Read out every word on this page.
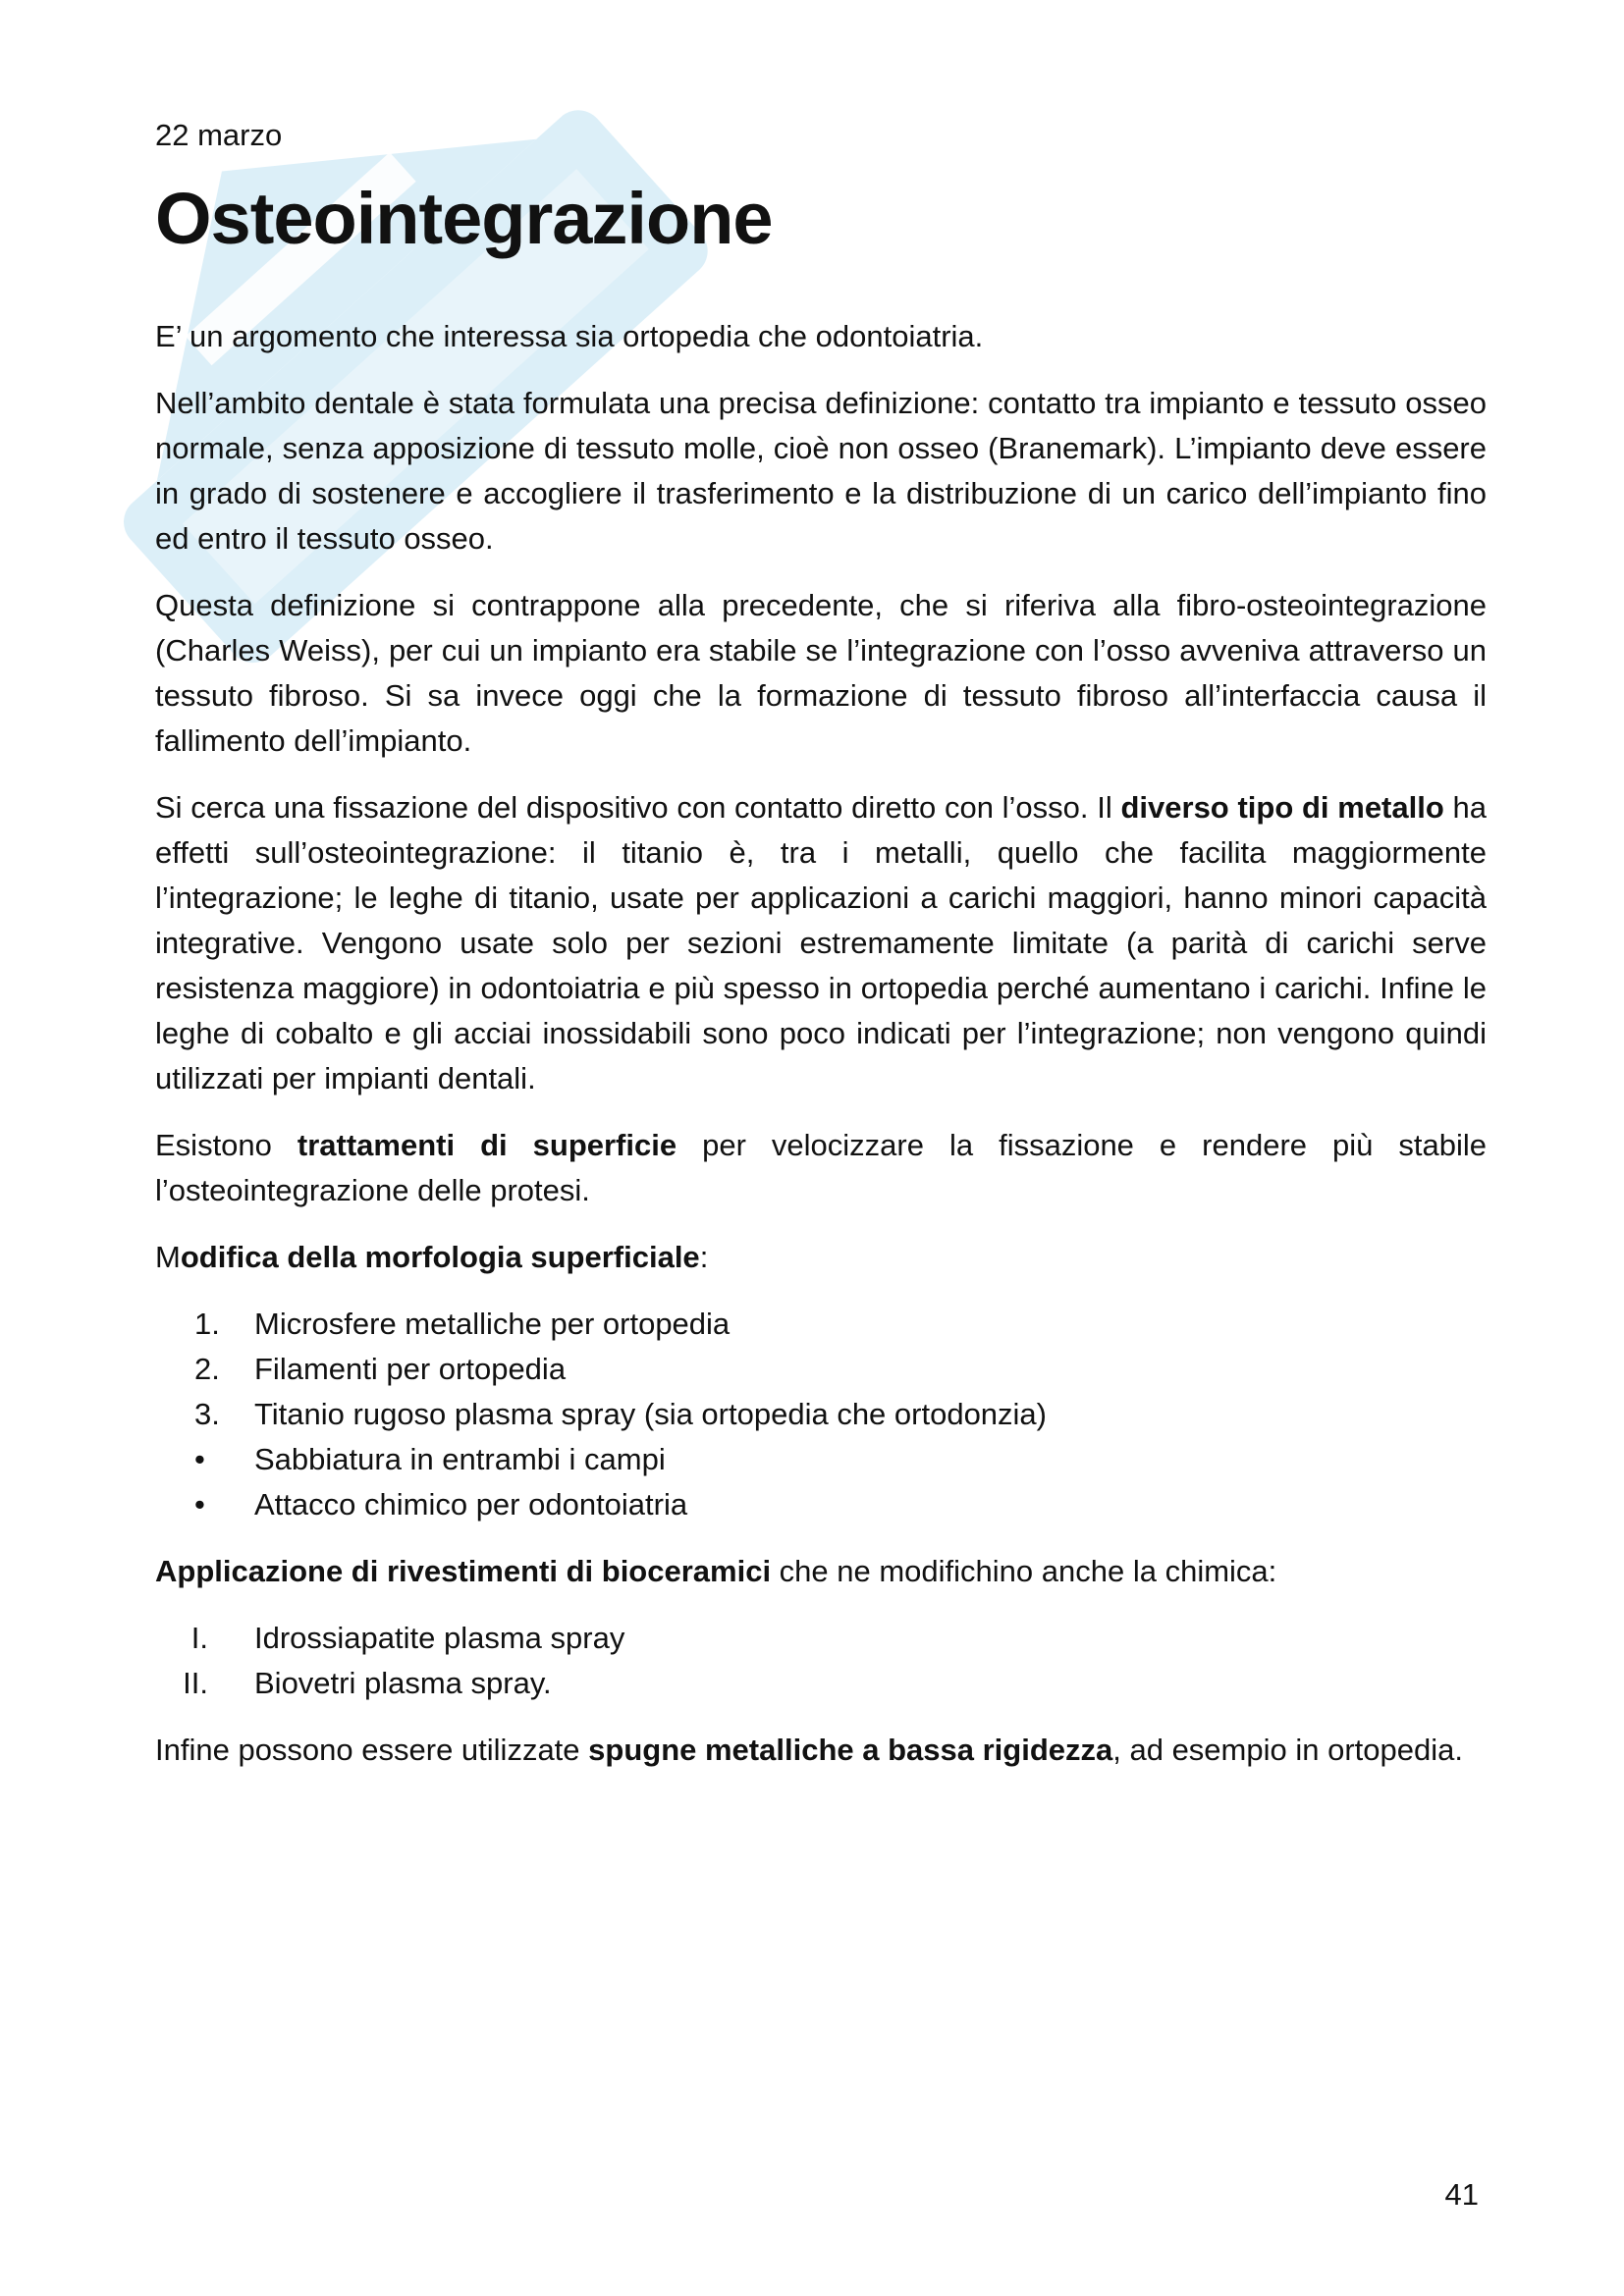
22 marzo
Osteointegrazione

E’ un argomento che interessa sia ortopedia che odontoiatria.

Nell’ambito dentale è stata formulata una precisa definizione: contatto tra impianto e tessuto osseo normale, senza apposizione di tessuto molle, cioè non osseo (Branemark). L’impianto deve essere in grado di sostenere e accogliere il trasferimento e la distribuzione di un carico dell’impianto fino ed entro il tessuto osseo.

Questa definizione si contrappone alla precedente, che si riferiva alla fibro-osteointegrazione (Charles Weiss), per cui un impianto era stabile se l’integrazione con l’osso avveniva attraverso un tessuto fibroso. Si sa invece oggi che la formazione di tessuto fibroso all’interfaccia causa il fallimento dell’impianto.

Si cerca una fissazione del dispositivo con contatto diretto con l’osso. Il diverso tipo di metallo ha effetti sull’osteointegrazione: il titanio è, tra i metalli, quello che facilita maggiormente l’integrazione; le leghe di titanio, usate per applicazioni a carichi maggiori, hanno minori capacità integrative. Vengono usate solo per sezioni estremamente limitate (a parità di carichi serve resistenza maggiore) in odontoiatria e più spesso in ortopedia perché aumentano i carichi. Infine le leghe di cobalto e gli acciai inossidabili sono poco indicati per l’integrazione; non vengono quindi utilizzati per impianti dentali.

Esistono trattamenti di superficie per velocizzare la fissazione e rendere più stabile l’osteointegrazione delle protesi.

Modifica della morfologia superficiale:

1.	Microsfere metalliche per ortopedia
2.	Filamenti per ortopedia
3.	Titanio rugoso plasma spray (sia ortopedia che ortodonzia)
•	Sabbiatura in entrambi i campi
•	Attacco chimico per odontoiatria

Applicazione di rivestimenti di bioceramici che ne modifichino anche la chimica:

I. Idrossiapatite plasma spray
II. Biovetri plasma spray.

Infine possono essere utilizzate spugne metalliche a bassa rigidezza, ad esempio in ortopedia.

41
